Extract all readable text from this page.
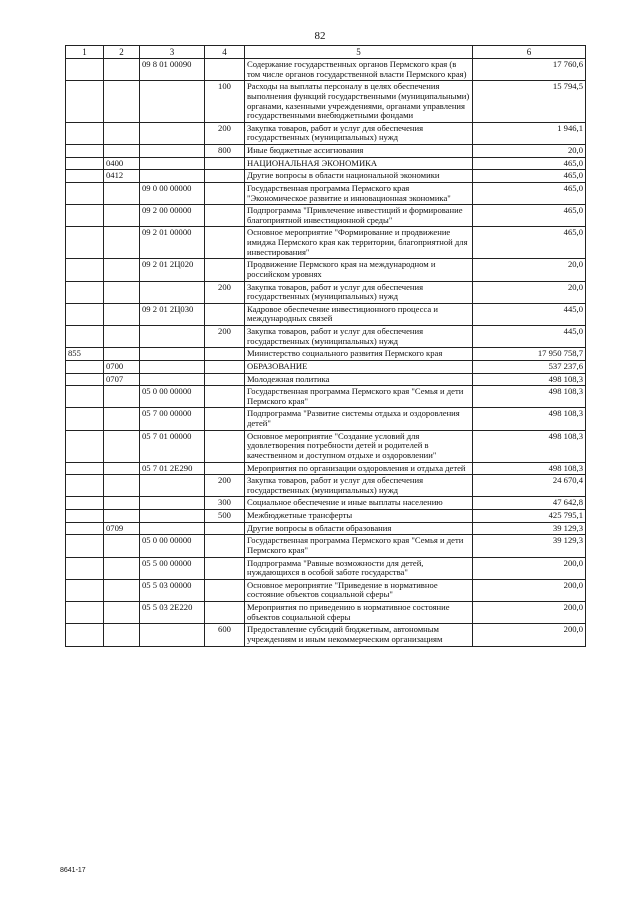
82
1	2	3	4	5	6
		09 8 01 00090		Содержание государственных органов Пермского края (в том числе органов государственной власти Пермского края)	17 760,6
			100	Расходы на выплаты персоналу в целях обеспечения выполнения функций государственными (муниципальными) органами, казенными учреждениями, органами управления государственными внебюджетными фондами	15 794,5
			200	Закупка товаров, работ и услуг для обеспечения государственных (муниципальных) нужд	1 946,1
			800	Иные бюджетные ассигнования	20,0
	0400			НАЦИОНАЛЬНАЯ ЭКОНОМИКА	465,0
	0412			Другие вопросы в области национальной экономики	465,0
		09 0 00 00000		Государственная программа Пермского края "Экономическое развитие и инновационная экономика"	465,0
		09 2 00 00000		Подпрограмма "Привлечение инвестиций и формирование благоприятной инвестиционной среды"	465,0
		09 2 01 00000		Основное мероприятие "Формирование и продвижение имиджа Пермского края как территории, благоприятной для инвестирования"	465,0
		09 2 01 2Ц020		Продвижение Пермского края на международном и российском уровнях	20,0
			200	Закупка товаров, работ и услуг для обеспечения государственных (муниципальных) нужд	20,0
		09 2 01 2Ц030		Кадровое обеспечение инвестиционного процесса и международных связей	445,0
			200	Закупка товаров, работ и услуг для обеспечения государственных (муниципальных) нужд	445,0
855				Министерство социального развития Пермского края	17 950 758,7
	0700			ОБРАЗОВАНИЕ	537 237,6
	0707			Молодежная политика	498 108,3
		05 0 00 00000		Государственная программа Пермского края "Семья и дети Пермского края"	498 108,3
		05 7 00 00000		Подпрограмма "Развитие системы отдыха и оздоровления детей"	498 108,3
		05 7 01 00000		Основное мероприятие "Создание условий для удовлетворения потребности детей и родителей в качественном и доступном отдыхе и оздоровлении"	498 108,3
		05 7 01 2Е290		Мероприятия по организации оздоровления и отдыха детей	498 108,3
			200	Закупка товаров, работ и услуг для обеспечения государственных (муниципальных) нужд	24 670,4
			300	Социальное обеспечение и иные выплаты населению	47 642,8
			500	Межбюджетные трансферты	425 795,1
	0709			Другие вопросы в области образования	39 129,3
		05 0 00 00000		Государственная программа Пермского края "Семья и дети Пермского края"	39 129,3
		05 5 00 00000		Подпрограмма "Равные возможности для детей, нуждающихся в особой заботе государства"	200,0
		05 5 03 00000		Основное мероприятие "Приведение в нормативное состояние объектов социальной сферы"	200,0
		05 5 03 2Е220		Мероприятия по приведению в нормативное состояние объектов социальной сферы	200,0
			600	Предоставление субсидий бюджетным, автономным учреждениям и иным некоммерческим организациям	200,0
8641-17
